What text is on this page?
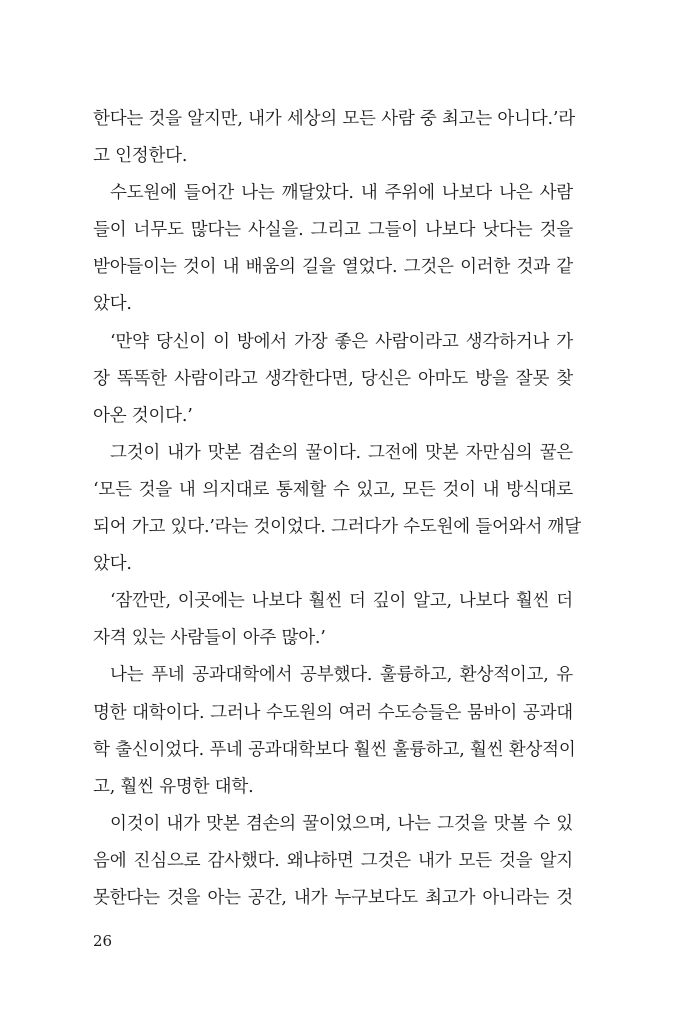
한다는 것을 알지만, 내가 세상의 모든 사람 중 최고는 아니다.’라
고 인정한다.
수도원에 들어간 나는 깨달았다. 내 주위에 나보다 나은 사람
들이 너무도 많다는 사실을. 그리고 그들이 나보다 낫다는 것을
받아들이는 것이 내 배움의 길을 열었다. 그것은 이러한 것과 같
았다.
‘만약 당신이 이 방에서 가장 좋은 사람이라고 생각하거나 가
장 똑똑한 사람이라고 생각한다면, 당신은 아마도 방을 잘못 찾
아온 것이다.’
그것이 내가 맛본 겸손의 꿀이다. 그전에 맛본 자만심의 꿀은
‘모든 것을 내 의지대로 통제할 수 있고, 모든 것이 내 방식대로
되어 가고 있다.’라는 것이었다. 그러다가 수도원에 들어와서 깨달
았다.
‘잠깐만, 이곳에는 나보다 훨씬 더 깊이 알고, 나보다 훨씬 더
자격 있는 사람들이 아주 많아.’
나는 푸네 공과대학에서 공부했다. 훌륭하고, 환상적이고, 유
명한 대학이다. 그러나 수도원의 여러 수도승들은 뭄바이 공과대
학 출신이었다. 푸네 공과대학보다 훨씬 훌륭하고, 훨씬 환상적이
고, 훨씬 유명한 대학.
이것이 내가 맛본 겸손의 꿀이었으며, 나는 그것을 맛볼 수 있
음에 진심으로 감사했다. 왜냐하면 그것은 내가 모든 것을 알지
못한다는 것을 아는 공간, 내가 누구보다도 최고가 아니라는 것
26
